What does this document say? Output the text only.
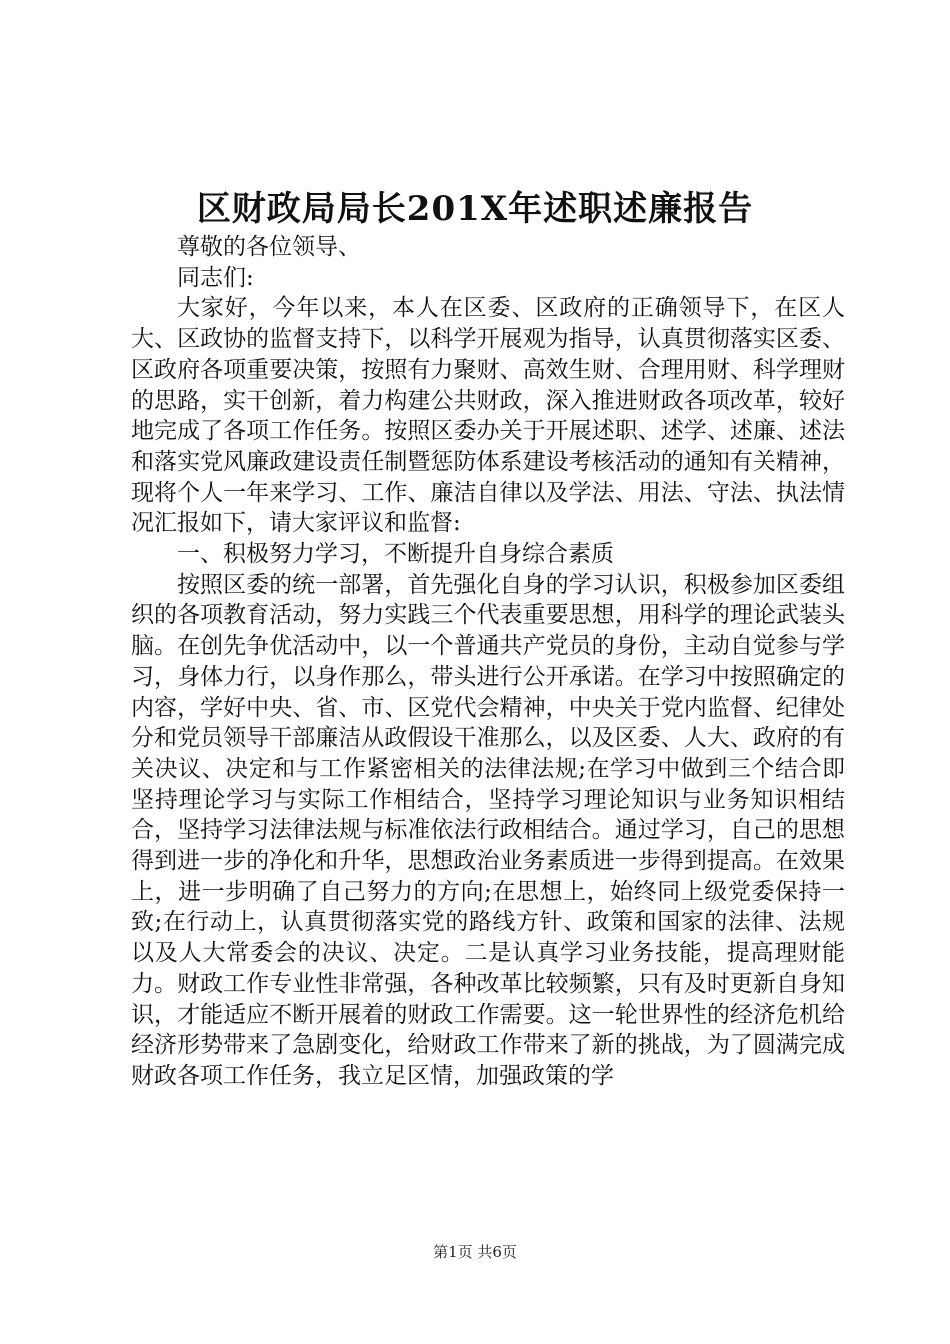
区财政局局长201X年述职述廉报告

尊敬的各位领导、

同志们:

大家好，今年以来，本人在区委、区政府的正确领导下，在区人大、区政协的监督支持下，以科学开展观为指导，认真贯彻落实区委、区政府各项重要决策，按照有力聚财、高效生财、合理用财、科学理财的思路，实干创新，着力构建公共财政，深入推进财政各项改革，较好地完成了各项工作任务。按照区委办关于开展述职、述学、述廉、述法和落实党风廉政建设责任制暨惩防体系建设考核活动的通知有关精神，现将个人一年来学习、工作、廉洁自律以及学法、用法、守法、执法情况汇报如下，请大家评议和监督:

一、积极努力学习，不断提升自身综合素质

按照区委的统一部署，首先强化自身的学习认识，积极参加区委组织的各项教育活动，努力实践三个代表重要思想，用科学的理论武装头脑。在创先争优活动中，以一个普通共产党员的身份，主动自觉参与学习，身体力行，以身作那么，带头进行公开承诺。在学习中按照确定的内容，学好中央、省、市、区党代会精神，中央关于党内监督、纪律处分和党员领导干部廉洁从政假设干准那么，以及区委、人大、政府的有关决议、决定和与工作紧密相关的法律法规;在学习中做到三个结合即坚持理论学习与实际工作相结合，坚持学习理论知识与业务知识相结合，坚持学习法律法规与标准依法行政相结合。通过学习，自己的思想得到进一步的净化和升华，思想政治业务素质进一步得到提高。在效果上，进一步明确了自己努力的方向;在思想上，始终同上级党委保持一致;在行动上，认真贯彻落实党的路线方针、政策和国家的法律、法规以及人大常委会的决议、决定。二是认真学习业务技能，提高理财能力。财政工作专业性非常强，各种改革比较频繁，只有及时更新自身知识，才能适应不断开展着的财政工作需要。这一轮世界性的经济危机给经济形势带来了急剧变化，给财政工作带来了新的挑战，为了圆满完成财政各项工作任务，我立足区情，加强政策的学

第1页 共6页
